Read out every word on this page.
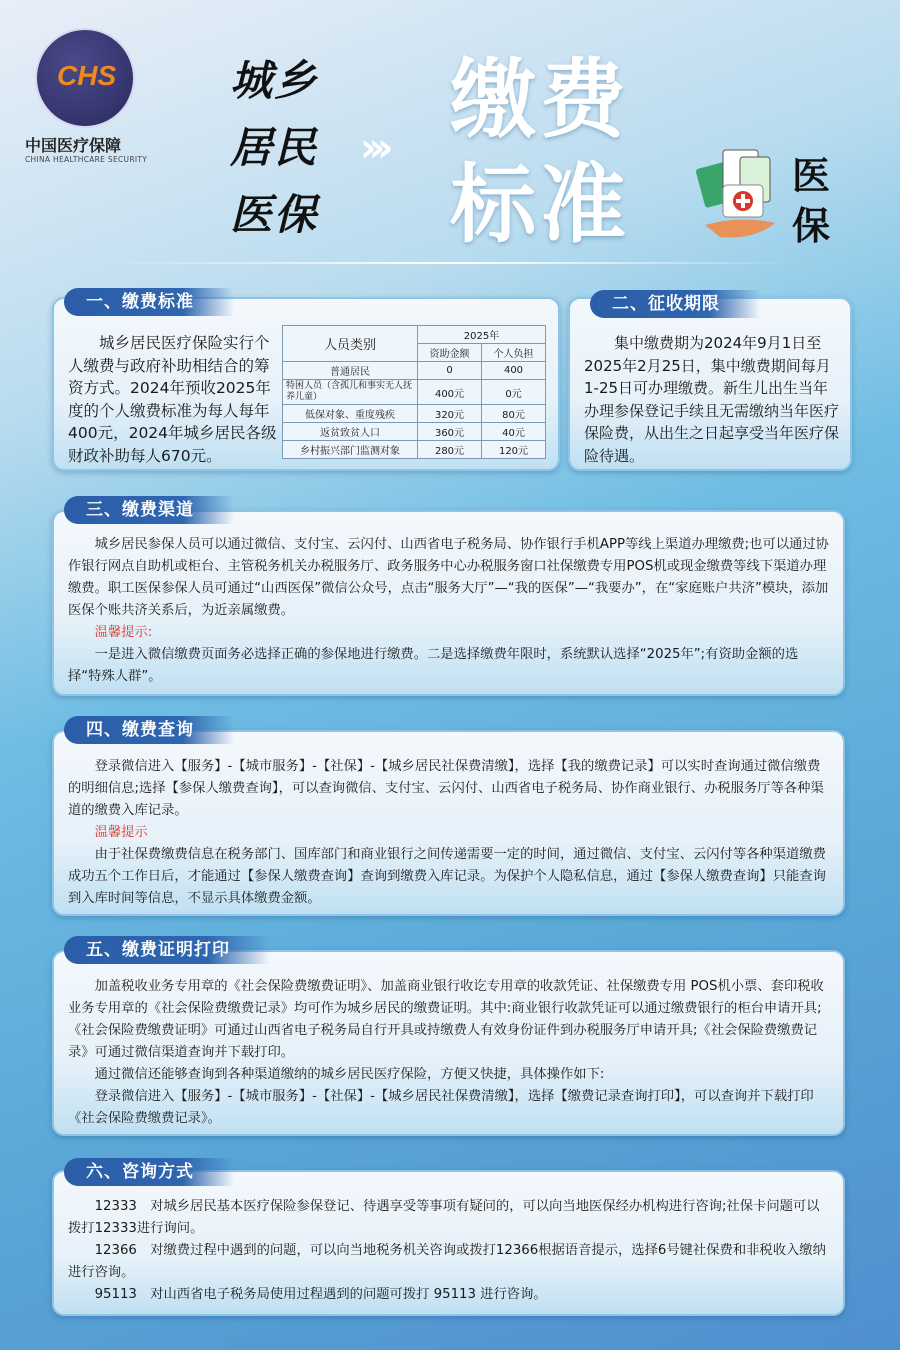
CHS
中国医疗保障
CHINA HEALTHCARE SECURITY
城乡
居民
医保
››› 缴费
标准	医
保

城乡居民医疗保险实行个人缴费与政府补助相结合的筹资方式。2024年预收2025年度的个人缴费标准为每人每年400元，2024年城乡居民各级财政补助每人670元。

人员类别	2025年	
	资助金额	个人负担
普通居民	0	400
特困人员（含孤儿和事实无人抚养儿童）	400元	0元
低保对象、重度残疾	320元	80元
返贫致贫人口	360元	40元
乡村振兴部门监测对象	280元	120元
一、缴费标准

集中缴费期为2024年9月1日至2025年2月25日，集中缴费期间每月1-25日可办理缴费。新生儿出生当年办理参保登记手续且无需缴纳当年医疗保险费，从出生之日起享受当年医疗保险待遇。

二、征收期限

城乡居民参保人员可以通过微信、支付宝、云闪付、山西省电子税务局、协作银行手机APP等线上渠道办理缴费;也可以通过协作银行网点自助机或柜台、主管税务机关办税服务厅、政务服务中心办税服务窗口社保缴费专用POS机或现金缴费等线下渠道办理缴费。职工医保参保人员可通过“山西医保”微信公众号，点击“服务大厅”—“我的医保”—“我要办”，在“家庭账户共济”模块，添加医保个账共济关系后，为近亲属缴费。

温馨提示:

一是进入微信缴费页面务必选择正确的参保地进行缴费。二是选择缴费年限时，系统默认选择“2025年”;有资助金额的选择“特殊人群”。

三、缴费渠道

登录微信进入【服务】-【城市服务】-【社保】-【城乡居民社保费清缴】，选择【我的缴费记录】可以实时查询通过微信缴费的明细信息;选择【参保人缴费查询】，可以查询微信、支付宝、云闪付、山西省电子税务局、协作商业银行、办税服务厅等各种渠道的缴费入库记录。

温馨提示

由于社保费缴费信息在税务部门、国库部门和商业银行之间传递需要一定的时间，通过微信、支付宝、云闪付等各种渠道缴费成功五个工作日后，才能通过【参保人缴费查询】查询到缴费入库记录。为保护个人隐私信息，通过【参保人缴费查询】只能查询到入库时间等信息，不显示具体缴费金额。

四、缴费查询

加盖税收业务专用章的《社会保险费缴费证明》、加盖商业银行收讫专用章的收款凭证、社保缴费专用 POS机小票、套印税收业务专用章的《社会保险费缴费记录》均可作为城乡居民的缴费证明。其中:商业银行收款凭证可以通过缴费银行的柜台申请开具;《社会保险费缴费证明》可通过山西省电子税务局自行开具或持缴费人有效身份证件到办税服务厅申请开具;《社会保险费缴费记录》可通过微信渠道查询并下载打印。

通过微信还能够查询到各种渠道缴纳的城乡居民医疗保险，方便又快捷，具体操作如下:

登录微信进入【服务】-【城市服务】-【社保】-【城乡居民社保费清缴】，选择【缴费记录查询打印】，可以查询并下载打印《社会保险费缴费记录》。

五、缴费证明打印

12333　对城乡居民基本医疗保险参保登记、待遇享受等事项有疑问的，可以向当地医保经办机构进行咨询;社保卡问题可以拨打12333进行询问。

12366　对缴费过程中遇到的问题，可以向当地税务机关咨询或拨打12366根据语音提示，选择6号键社保费和非税收入缴纳进行咨询。

95113　对山西省电子税务局使用过程遇到的问题可拨打 95113 进行咨询。

六、咨询方式
